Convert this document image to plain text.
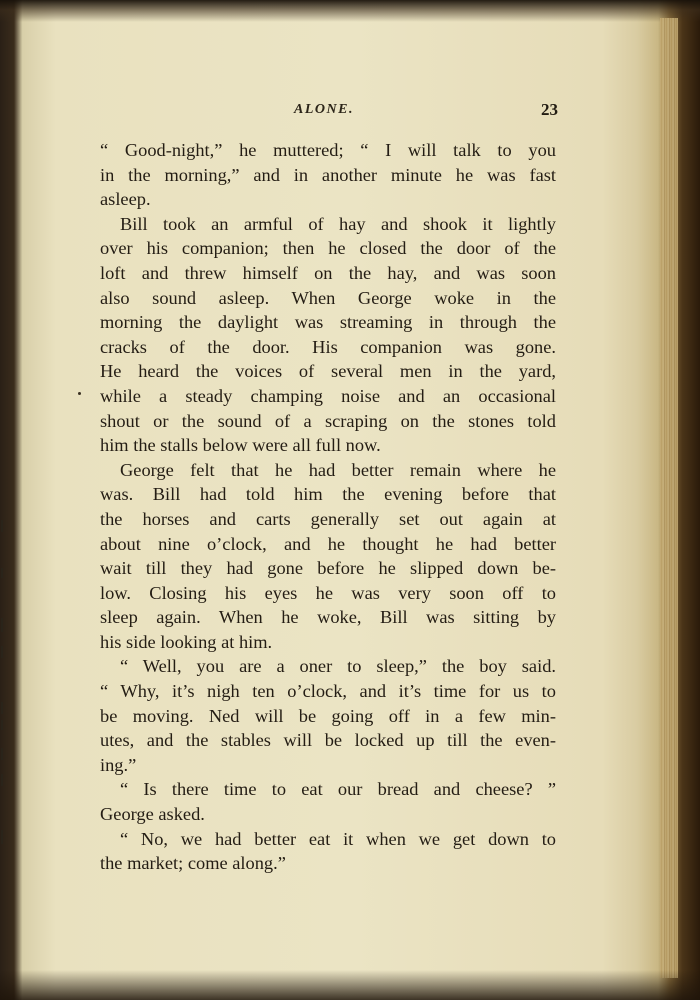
ALONE.	23
“ Good-night,” he muttered; “ I will talk to you
in the morning,” and in another minute he was fast
asleep.
Bill took an armful of hay and shook it lightly
over his companion; then he closed the door of the
loft and threw himself on the hay, and was soon
also sound asleep. When George woke in the
morning the daylight was streaming in through the
cracks of the door. His companion was gone.
He heard the voices of several men in the yard,
while a steady champing noise and an occasional
shout or the sound of a scraping on the stones told
him the stalls below were all full now.
George felt that he had better remain where he
was. Bill had told him the evening before that
the horses and carts generally set out again at
about nine o’clock, and he thought he had better
wait till they had gone before he slipped down be-
low. Closing his eyes he was very soon off to
sleep again. When he woke, Bill was sitting by
his side looking at him.
“ Well, you are a oner to sleep,” the boy said.
“ Why, it’s nigh ten o’clock, and it’s time for us to
be moving. Ned will be going off in a few min-
utes, and the stables will be locked up till the even-
ing.”
“ Is there time to eat our bread and cheese? ”
George asked.
“ No, we had better eat it when we get down to
the market; come along.”
